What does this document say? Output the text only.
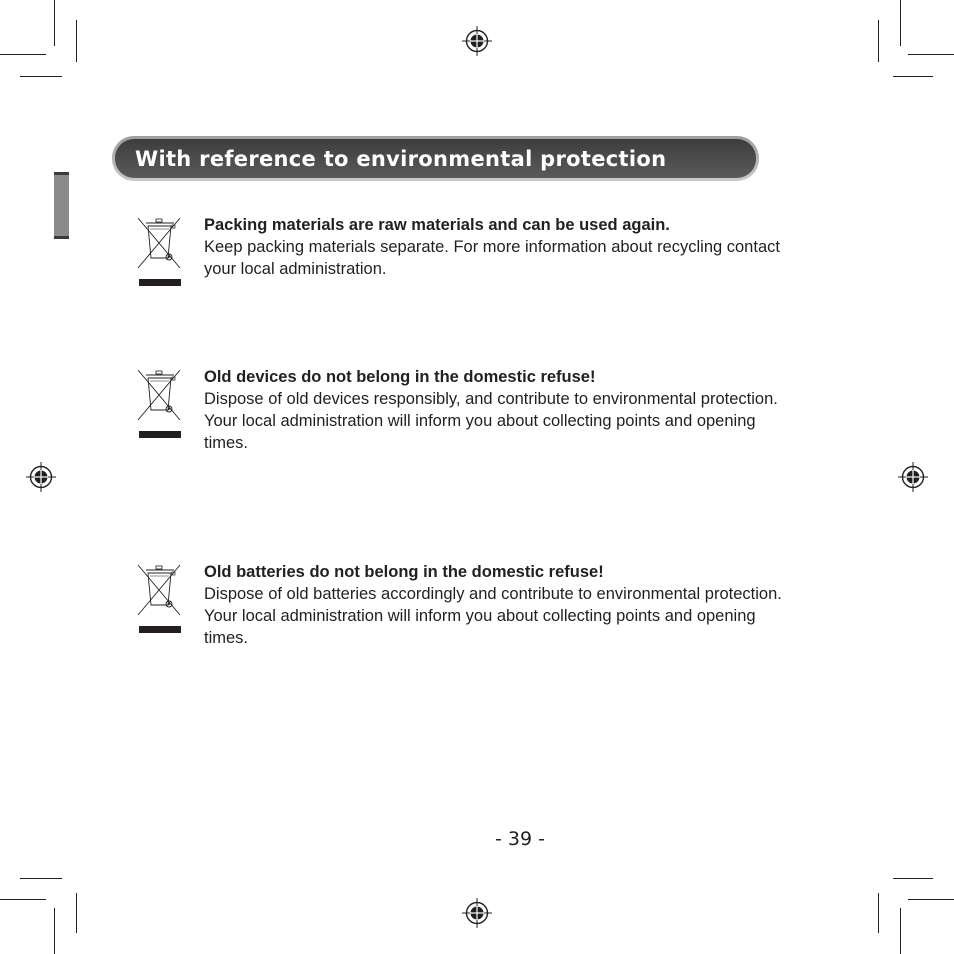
With reference to environmental protection

Packing materials are raw materials and can be used again.

Keep packing materials separate. For more information about recycling contact your local administration.

Old devices do not belong in the domestic refuse!

Dispose of old devices responsibly, and contribute to environmental protection.

Your local administration will inform you about collecting points and opening times.

Old batteries do not belong in the domestic refuse!

Dispose of old batteries accordingly and contribute to environmental protection.

Your local administration will inform you about collecting points and opening times.

- 39 -
